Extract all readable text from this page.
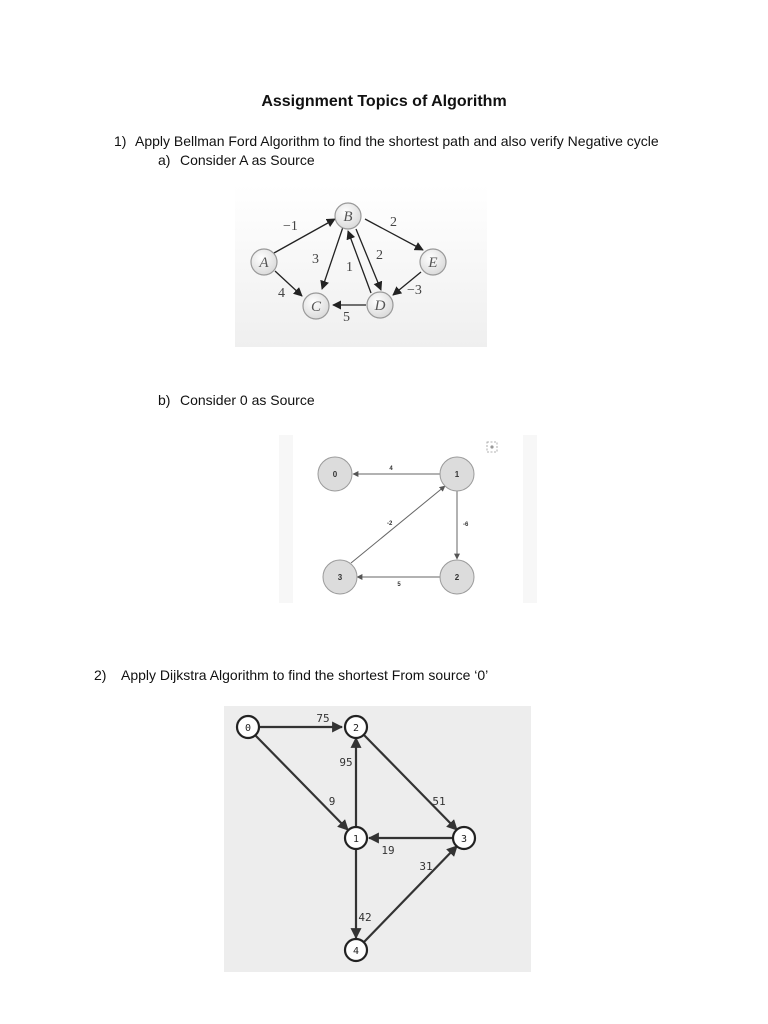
Assignment Topics of Algorithm
1) Apply Bellman Ford Algorithm to find the shortest path and also verify Negative cycle
a) Consider A as Source
−1
4
3	2
1
2
−3
5
A
B
C	D
E
b) Consider 0 as Source
4
-6
5
-2
0	1
2
3
2) Apply Dijkstra Algorithm to find the shortest From source ‘0’
75
9
95
51
19
42
31
0
1
2
3
4
